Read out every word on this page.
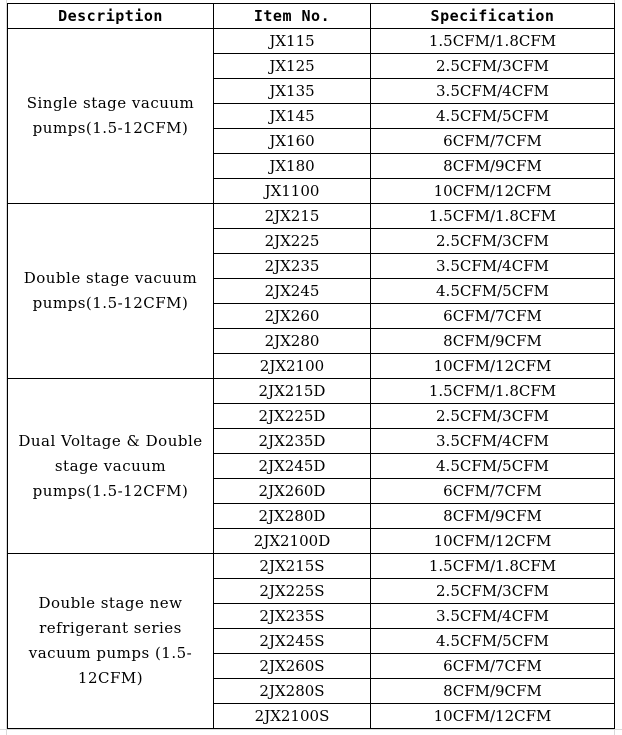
Description	Item No.	Specification
Single stage vacuum pumps(1.5-12CFM)	JX115	1.5CFM/1.8CFM
	JX125	2.5CFM/3CFM
	JX135	3.5CFM/4CFM
	JX145	4.5CFM/5CFM
	JX160	6CFM/7CFM
	JX180	8CFM/9CFM
	JX1100	10CFM/12CFM
Double stage vacuum pumps(1.5-12CFM)	2JX215	1.5CFM/1.8CFM
	2JX225	2.5CFM/3CFM
	2JX235	3.5CFM/4CFM
	2JX245	4.5CFM/5CFM
	2JX260	6CFM/7CFM
	2JX280	8CFM/9CFM
	2JX2100	10CFM/12CFM
Dual Voltage & Double stage vacuum pumps(1.5-12CFM)	2JX215D	1.5CFM/1.8CFM
	2JX225D	2.5CFM/3CFM
	2JX235D	3.5CFM/4CFM
	2JX245D	4.5CFM/5CFM
	2JX260D	6CFM/7CFM
	2JX280D	8CFM/9CFM
	2JX2100D	10CFM/12CFM
Double stage new refrigerant series vacuum pumps (1.5-12CFM)	2JX215S	1.5CFM/1.8CFM
	2JX225S	2.5CFM/3CFM
	2JX235S	3.5CFM/4CFM
	2JX245S	4.5CFM/5CFM
	2JX260S	6CFM/7CFM
	2JX280S	8CFM/9CFM
	2JX2100S	10CFM/12CFM
